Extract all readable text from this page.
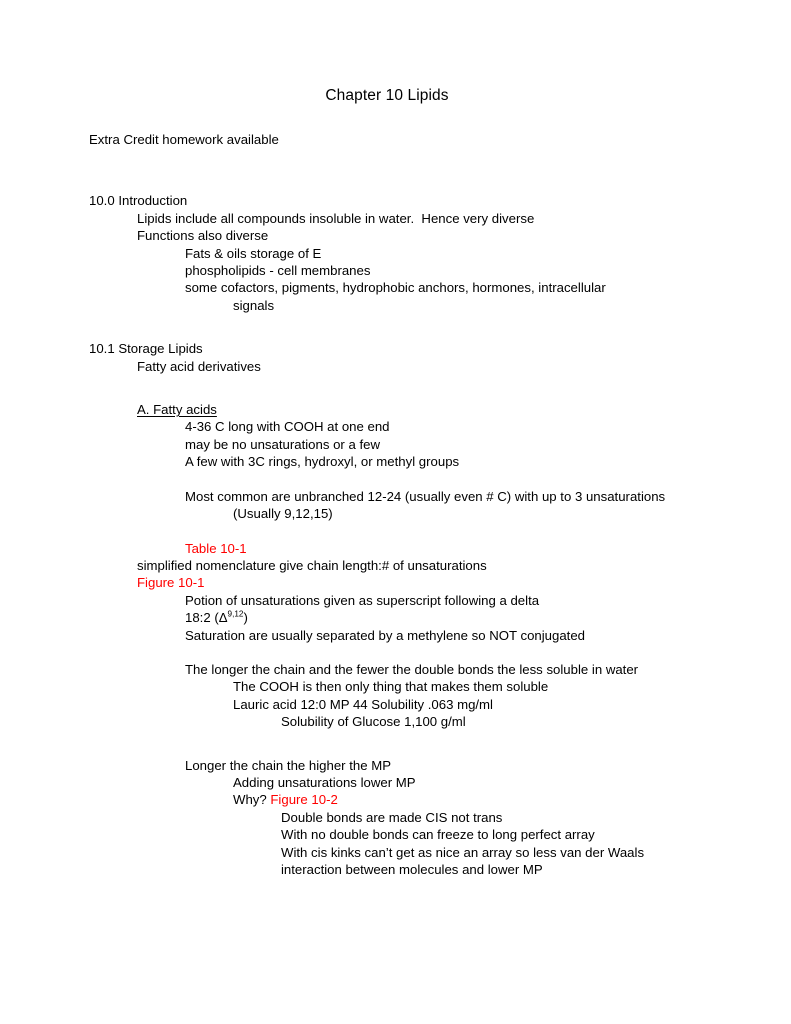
Chapter 10 Lipids
Extra Credit homework available
10.0 Introduction
Lipids include all compounds insoluble in water.  Hence very diverse
Functions also diverse
Fats & oils storage of E
phospholipids - cell membranes
some cofactors, pigments, hydrophobic anchors, hormones, intracellular
signals
10.1 Storage Lipids
Fatty acid derivatives
A. Fatty acids
4-36 C long with COOH at one end
may be no unsaturations or a few
A few with 3C rings, hydroxyl, or methyl groups
Most common are unbranched 12-24 (usually even # C) with up to 3 unsaturations
(Usually 9,12,15)
Table 10-1
simplified nomenclature give chain length:# of unsaturations
Figure 10-1
Potion of unsaturations given as superscript following a delta
18:2 $(\Delta^{9,12})$
Saturation are usually separated by a methylene so NOT conjugated
The longer the chain and the fewer the double bonds the less soluble in water
The COOH is then only thing that makes them soluble
Lauric acid 12:0 MP 44 Solubility .063 mg/ml
Solubility of Glucose 1,100 g/ml
Longer the chain the higher the MP
Adding unsaturations lower MP
Why? Figure 10-2
Double bonds are made CIS not trans
With no double bonds can freeze to long perfect array
With cis kinks can’t get as nice an array so less van der Waals interaction between molecules and lower MP
